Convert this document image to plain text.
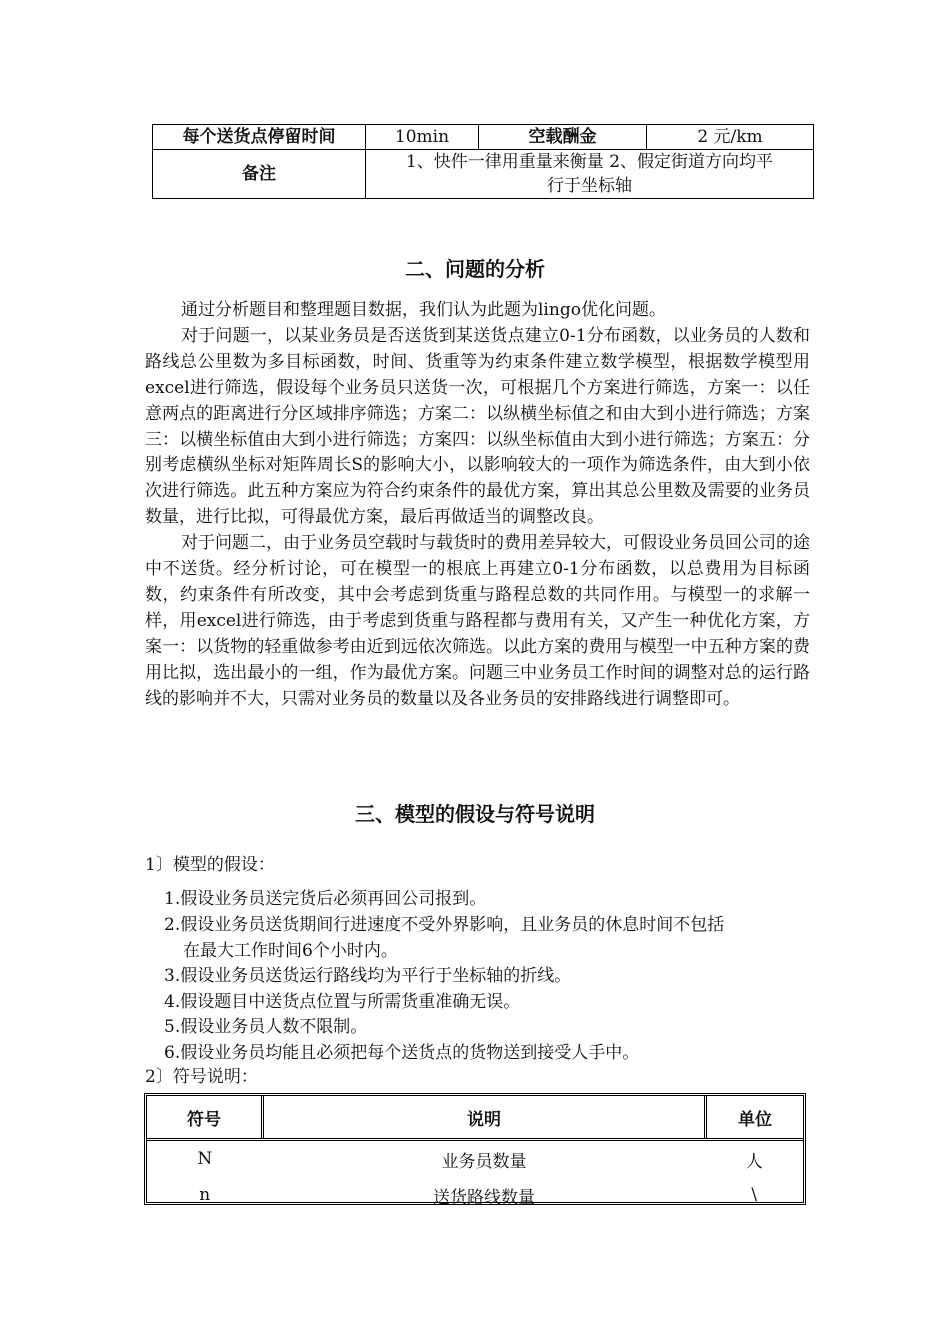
每个送货点停留时间	10min	空载酬金	2 元/km
备注	1、快件一律用重量来衡量 2、假定街道方向均平
行于坐标轴		
二、问题的分析

通过分析题目和整理题目数据，我们认为此题为lingo优化问题。

对于问题一，以某业务员是否送货到某送货点建立0-1分布函数，以业务员的人数和路线总公里数为多目标函数，时间、货重等为约束条件建立数学模型，根据数学模型用excel进行筛选，假设每个业务员只送货一次，可根据几个方案进行筛选，方案一：以任意两点的距离进行分区域排序筛选；方案二：以纵横坐标值之和由大到小进行筛选；方案三：以横坐标值由大到小进行筛选；方案四：以纵坐标值由大到小进行筛选；方案五：分别考虑横纵坐标对矩阵周长S的影响大小，以影响较大的一项作为筛选条件，由大到小依次进行筛选。此五种方案应为符合约束条件的最优方案，算出其总公里数及需要的业务员数量，进行比拟，可得最优方案，最后再做适当的调整改良。

对于问题二，由于业务员空载时与载货时的费用差异较大，可假设业务员回公司的途中不送货。经分析讨论，可在模型一的根底上再建立0-1分布函数，以总费用为目标函数，约束条件有所改变，其中会考虑到货重与路程总数的共同作用。与模型一的求解一样，用excel进行筛选，由于考虑到货重与路程都与费用有关，又产生一种优化方案，方案一：以货物的轻重做参考由近到远依次筛选。以此方案的费用与模型一中五种方案的费用比拟，选出最小的一组，作为最优方案。问题三中业务员工作时间的调整对总的运行路线的影响并不大，只需对业务员的数量以及各业务员的安排路线进行调整即可。

三、模型的假设与符号说明
1〕模型的假设：
1.假设业务员送完货后必须再回公司报到。
2.假设业务员送货期间行进速度不受外界影响，且业务员的休息时间不包括
在最大工作时间6个小时内。
3.假设业务员送货运行路线均为平行于坐标轴的折线。
4.假设题目中送货点位置与所需货重准确无误。
5.假设业务员人数不限制。
6.假设业务员均能且必须把每个送货点的货物送到接受人手中。
2〕符号说明：
符号	说明	单位
N	业务员数量	人
n	送货路线数量	\
